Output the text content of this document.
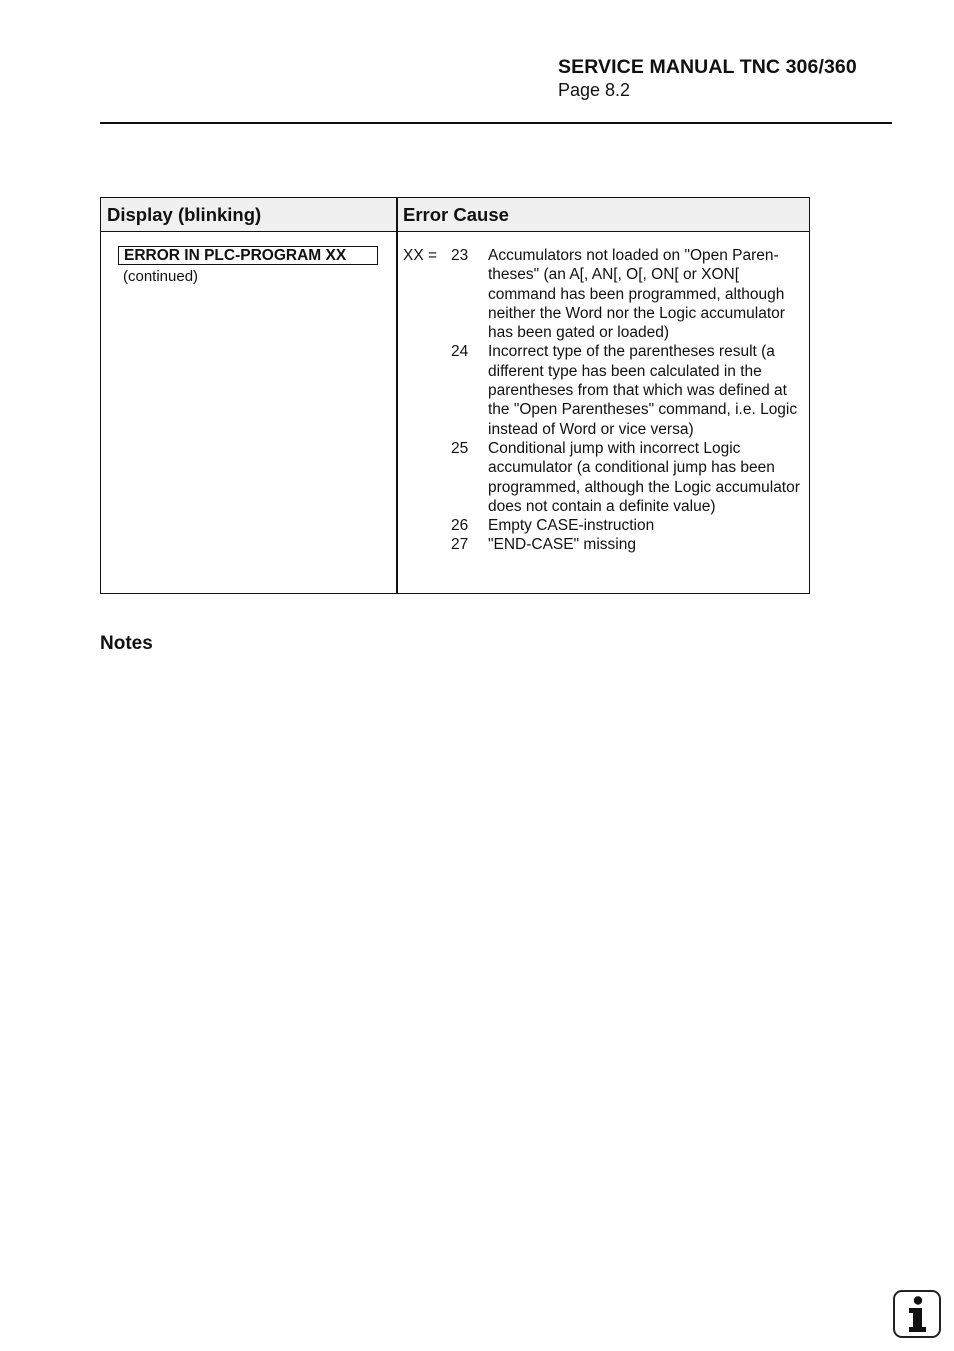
SERVICE MANUAL TNC 306/360
Page 8.2
Display (blinking)	Error Cause
ERROR IN PLC-PROGRAM XX
(continued)
XX = 23	Accumulators not loaded on "Open Paren-theses" (an A[, AN[, O[, ON[ or XON[ command has been programmed, although neither the Word nor the Logic accumulator has been gated or loaded)
24	Incorrect type of the parentheses result (a different type has been calculated in the parentheses from that which was defined at the "Open Parentheses" command, i.e. Logic instead of Word or vice versa)
25	Conditional jump with incorrect Logic accumulator (a conditional jump has been programmed, although the Logic accumulator does not contain a definite value)
26	Empty CASE-instruction
27	"END-CASE" missing
Notes
